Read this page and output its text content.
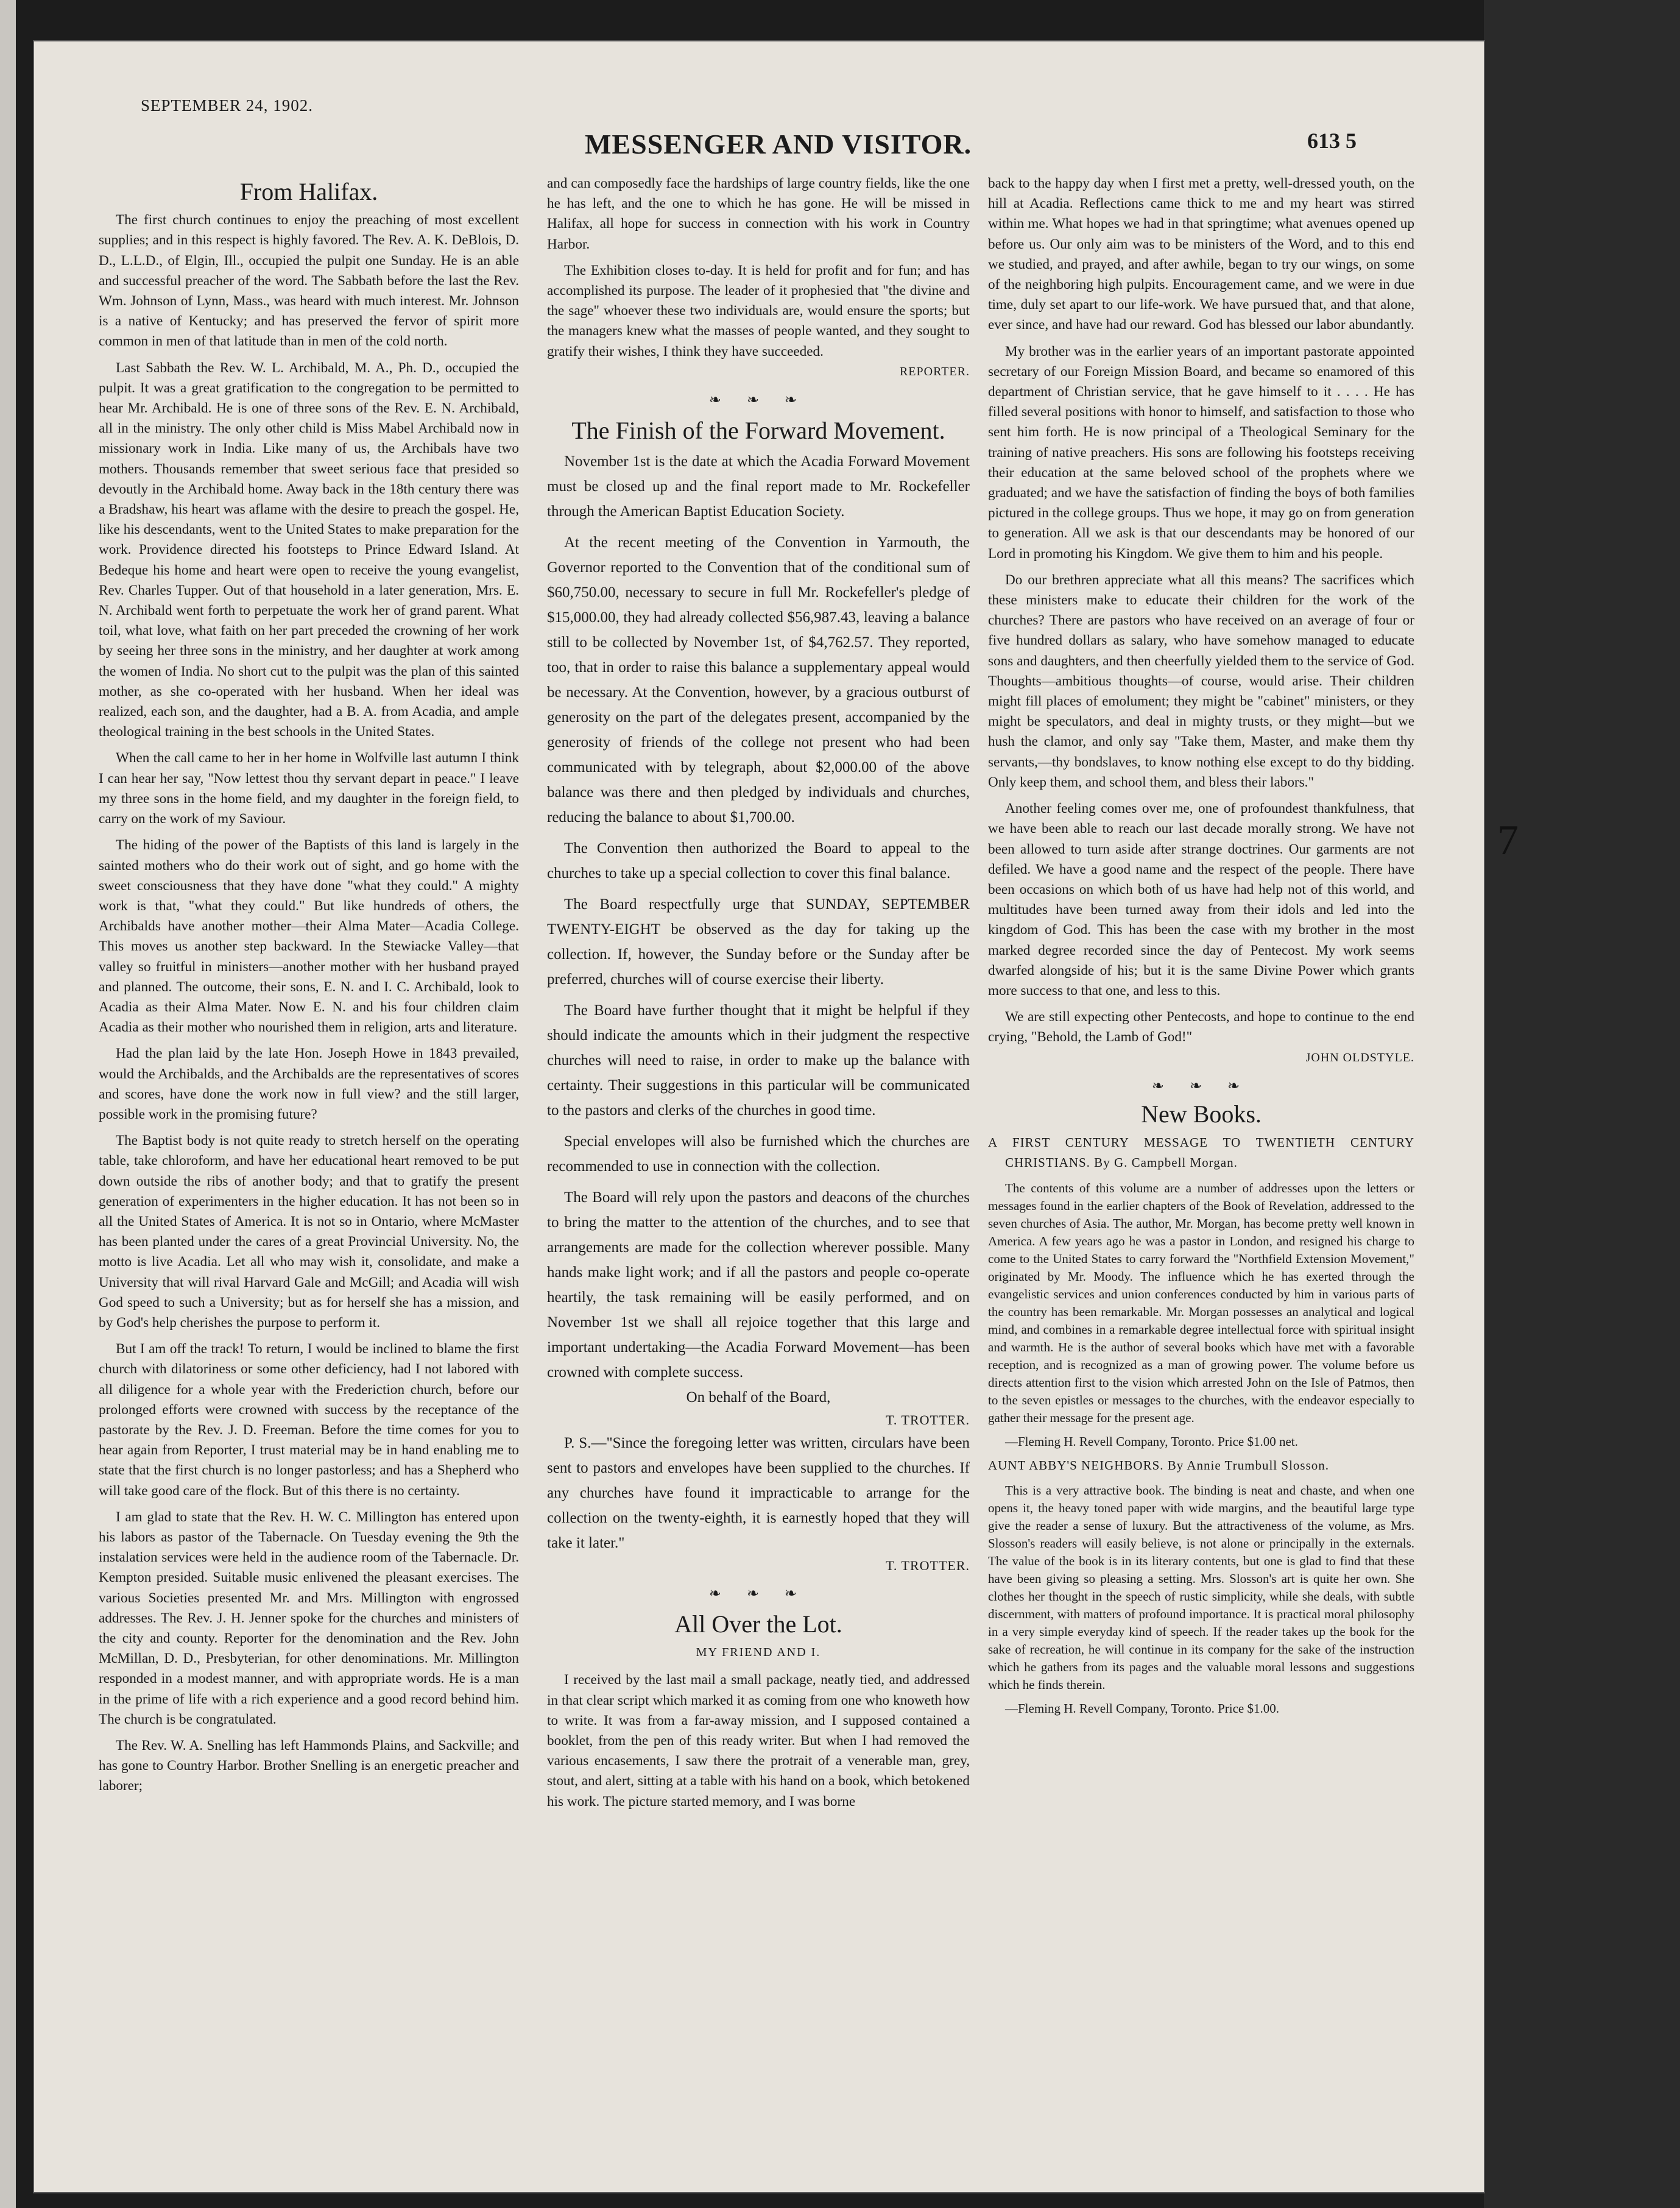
7
SEPTEMBER 24, 1902.
MESSENGER AND VISITOR.	613 5
From Halifax.

The first church continues to enjoy the preaching of most excellent supplies; and in this respect is highly favored. The Rev. A. K. DeBlois, D. D., L.L.D., of Elgin, Ill., occupied the pulpit one Sunday. He is an able and successful preacher of the word. The Sabbath before the last the Rev. Wm. Johnson of Lynn, Mass., was heard with much interest. Mr. Johnson is a native of Kentucky; and has preserved the fervor of spirit more common in men of that latitude than in men of the cold north.

Last Sabbath the Rev. W. L. Archibald, M. A., Ph. D., occupied the pulpit. It was a great gratification to the congregation to be permitted to hear Mr. Archibald. He is one of three sons of the Rev. E. N. Archibald, all in the ministry. The only other child is Miss Mabel Archibald now in missionary work in India. Like many of us, the Archibals have two mothers. Thousands remember that sweet serious face that presided so devoutly in the Archibald home. Away back in the 18th century there was a Bradshaw, his heart was aflame with the desire to preach the gospel. He, like his descendants, went to the United States to make preparation for the work. Providence directed his footsteps to Prince Edward Island. At Bedeque his home and heart were open to receive the young evangelist, Rev. Charles Tupper. Out of that household in a later generation, Mrs. E. N. Archibald went forth to perpetuate the work her of grand parent. What toil, what love, what faith on her part preceded the crowning of her work by seeing her three sons in the ministry, and her daughter at work among the women of India. No short cut to the pulpit was the plan of this sainted mother, as she co-operated with her husband. When her ideal was realized, each son, and the daughter, had a B. A. from Acadia, and ample theological training in the best schools in the United States.

When the call came to her in her home in Wolfville last autumn I think I can hear her say, "Now lettest thou thy servant depart in peace." I leave my three sons in the home field, and my daughter in the foreign field, to carry on the work of my Saviour.

The hiding of the power of the Baptists of this land is largely in the sainted mothers who do their work out of sight, and go home with the sweet consciousness that they have done "what they could." A mighty work is that, "what they could." But like hundreds of others, the Archibalds have another mother—their Alma Mater—Acadia College. This moves us another step backward. In the Stewiacke Valley—that valley so fruitful in ministers—another mother with her husband prayed and planned. The outcome, their sons, E. N. and I. C. Archibald, look to Acadia as their Alma Mater. Now E. N. and his four children claim Acadia as their mother who nourished them in religion, arts and literature.

Had the plan laid by the late Hon. Joseph Howe in 1843 prevailed, would the Archibalds, and the Archibalds are the representatives of scores and scores, have done the work now in full view? and the still larger, possible work in the promising future?

The Baptist body is not quite ready to stretch herself on the operating table, take chloroform, and have her educational heart removed to be put down outside the ribs of another body; and that to gratify the present generation of experimenters in the higher education. It has not been so in all the United States of America. It is not so in Ontario, where McMaster has been planted under the cares of a great Provincial University. No, the motto is live Acadia. Let all who may wish it, consolidate, and make a University that will rival Harvard Gale and McGill; and Acadia will wish God speed to such a University; but as for herself she has a mission, and by God's help cherishes the purpose to perform it.

But I am off the track! To return, I would be inclined to blame the first church with dilatoriness or some other deficiency, had I not labored with all diligence for a whole year with the Frederiction church, before our prolonged efforts were crowned with success by the receptance of the pastorate by the Rev. J. D. Freeman. Before the time comes for you to hear again from Reporter, I trust material may be in hand enabling me to state that the first church is no longer pastorless; and has a Shepherd who will take good care of the flock. But of this there is no certainty.

I am glad to state that the Rev. H. W. C. Millington has entered upon his labors as pastor of the Tabernacle. On Tuesday evening the 9th the instalation services were held in the audience room of the Tabernacle. Dr. Kempton presided. Suitable music enlivened the pleasant exercises. The various Societies presented Mr. and Mrs. Millington with engrossed addresses. The Rev. J. H. Jenner spoke for the churches and ministers of the city and county. Reporter for the denomination and the Rev. John McMillan, D. D., Presbyterian, for other denominations. Mr. Millington responded in a modest manner, and with appropriate words. He is a man in the prime of life with a rich experience and a good record behind him. The church is be congratulated.

The Rev. W. A. Snelling has left Hammonds Plains, and Sackville; and has gone to Country Harbor. Brother Snelling is an energetic preacher and laborer;

and can composedly face the hardships of large country fields, like the one he has left, and the one to which he has gone. He will be missed in Halifax, all hope for success in connection with his work in Country Harbor.

The Exhibition closes to-day. It is held for profit and for fun; and has accomplished its purpose. The leader of it prophesied that "the divine and the sage" whoever these two individuals are, would ensure the sports; but the managers knew what the masses of people wanted, and they sought to gratify their wishes, I think they have succeeded.

REPORTER.
❧ ❧ ❧
The Finish of the Forward Movement.

November 1st is the date at which the Acadia Forward Movement must be closed up and the final report made to Mr. Rockefeller through the American Baptist Education Society.

At the recent meeting of the Convention in Yarmouth, the Governor reported to the Convention that of the conditional sum of $60,750.00, necessary to secure in full Mr. Rockefeller's pledge of $15,000.00, they had already collected $56,987.43, leaving a balance still to be collected by November 1st, of $4,762.57. They reported, too, that in order to raise this balance a supplementary appeal would be necessary. At the Convention, however, by a gracious outburst of generosity on the part of the delegates present, accompanied by the generosity of friends of the college not present who had been communicated with by telegraph, about $2,000.00 of the above balance was there and then pledged by individuals and churches, reducing the balance to about $1,700.00.

The Convention then authorized the Board to appeal to the churches to take up a special collection to cover this final balance.

The Board respectfully urge that SUNDAY, SEPTEMBER TWENTY-EIGHT be observed as the day for taking up the collection. If, however, the Sunday before or the Sunday after be preferred, churches will of course exercise their liberty.

The Board have further thought that it might be helpful if they should indicate the amounts which in their judgment the respective churches will need to raise, in order to make up the balance with certainty. Their suggestions in this particular will be communicated to the pastors and clerks of the churches in good time.

Special envelopes will also be furnished which the churches are recommended to use in connection with the collection.

The Board will rely upon the pastors and deacons of the churches to bring the matter to the attention of the churches, and to see that arrangements are made for the collection wherever possible. Many hands make light work; and if all the pastors and people co-operate heartily, the task remaining will be easily performed, and on November 1st we shall all rejoice together that this large and important undertaking—the Acadia Forward Movement—has been crowned with complete success.

On behalf of the Board,
T. TROTTER.

P. S.—"Since the foregoing letter was written, circulars have been sent to pastors and envelopes have been supplied to the churches. If any churches have found it impracticable to arrange for the collection on the twenty-eighth, it is earnestly hoped that they will take it later."

T. TROTTER.
❧ ❧ ❧
All Over the Lot.
MY FRIEND AND I.

I received by the last mail a small package, neatly tied, and addressed in that clear script which marked it as coming from one who knoweth how to write. It was from a far-away mission, and I supposed contained a booklet, from the pen of this ready writer. But when I had removed the various encasements, I saw there the protrait of a venerable man, grey, stout, and alert, sitting at a table with his hand on a book, which betokened his work. The picture started memory, and I was borne

back to the happy day when I first met a pretty, well-dressed youth, on the hill at Acadia. Reflections came thick to me and my heart was stirred within me. What hopes we had in that springtime; what avenues opened up before us. Our only aim was to be ministers of the Word, and to this end we studied, and prayed, and after awhile, began to try our wings, on some of the neighboring high pulpits. Encouragement came, and we were in due time, duly set apart to our life-work. We have pursued that, and that alone, ever since, and have had our reward. God has blessed our labor abundantly.

My brother was in the earlier years of an important pastorate appointed secretary of our Foreign Mission Board, and became so enamored of this department of Christian service, that he gave himself to it . . . . He has filled several positions with honor to himself, and satisfaction to those who sent him forth. He is now principal of a Theological Seminary for the training of native preachers. His sons are following his footsteps receiving their education at the same beloved school of the prophets where we graduated; and we have the satisfaction of finding the boys of both families pictured in the college groups. Thus we hope, it may go on from generation to generation. All we ask is that our descendants may be honored of our Lord in promoting his Kingdom. We give them to him and his people.

Do our brethren appreciate what all this means? The sacrifices which these ministers make to educate their children for the work of the churches? There are pastors who have received on an average of four or five hundred dollars as salary, who have somehow managed to educate sons and daughters, and then cheerfully yielded them to the service of God. Thoughts—ambitious thoughts—of course, would arise. Their children might fill places of emolument; they might be "cabinet" ministers, or they might be speculators, and deal in mighty trusts, or they might—but we hush the clamor, and only say "Take them, Master, and make them thy servants,—thy bondslaves, to know nothing else except to do thy bidding. Only keep them, and school them, and bless their labors."

Another feeling comes over me, one of profoundest thankfulness, that we have been able to reach our last decade morally strong. We have not been allowed to turn aside after strange doctrines. Our garments are not defiled. We have a good name and the respect of the people. There have been occasions on which both of us have had help not of this world, and multitudes have been turned away from their idols and led into the kingdom of God. This has been the case with my brother in the most marked degree recorded since the day of Pentecost. My work seems dwarfed alongside of his; but it is the same Divine Power which grants more success to that one, and less to this.

We are still expecting other Pentecosts, and hope to continue to the end crying, "Behold, the Lamb of God!"

JOHN OLDSTYLE.
❧ ❧ ❧
New Books.

A FIRST CENTURY MESSAGE TO TWENTIETH CENTURY CHRISTIANS. By G. Campbell Morgan.

The contents of this volume are a number of addresses upon the letters or messages found in the earlier chapters of the Book of Revelation, addressed to the seven churches of Asia. The author, Mr. Morgan, has become pretty well known in America. A few years ago he was a pastor in London, and resigned his charge to come to the United States to carry forward the "Northfield Extension Movement," originated by Mr. Moody. The influence which he has exerted through the evangelistic services and union conferences conducted by him in various parts of the country has been remarkable. Mr. Morgan possesses an analytical and logical mind, and combines in a remarkable degree intellectual force with spiritual insight and warmth. He is the author of several books which have met with a favorable reception, and is recognized as a man of growing power. The volume before us directs attention first to the vision which arrested John on the Isle of Patmos, then to the seven epistles or messages to the churches, with the endeavor especially to gather their message for the present age.

—Fleming H. Revell Company, Toronto. Price $1.00 net.

AUNT ABBY'S NEIGHBORS. By Annie Trumbull Slosson.

This is a very attractive book. The binding is neat and chaste, and when one opens it, the heavy toned paper with wide margins, and the beautiful large type give the reader a sense of luxury. But the attractiveness of the volume, as Mrs. Slosson's readers will easily believe, is not alone or principally in the externals. The value of the book is in its literary contents, but one is glad to find that these have been giving so pleasing a setting. Mrs. Slosson's art is quite her own. She clothes her thought in the speech of rustic simplicity, while she deals, with subtle discernment, with matters of profound importance. It is practical moral philosophy in a very simple everyday kind of speech. If the reader takes up the book for the sake of recreation, he will continue in its company for the sake of the instruction which he gathers from its pages and the valuable moral lessons and suggestions which he finds therein.

—Fleming H. Revell Company, Toronto. Price $1.00.
